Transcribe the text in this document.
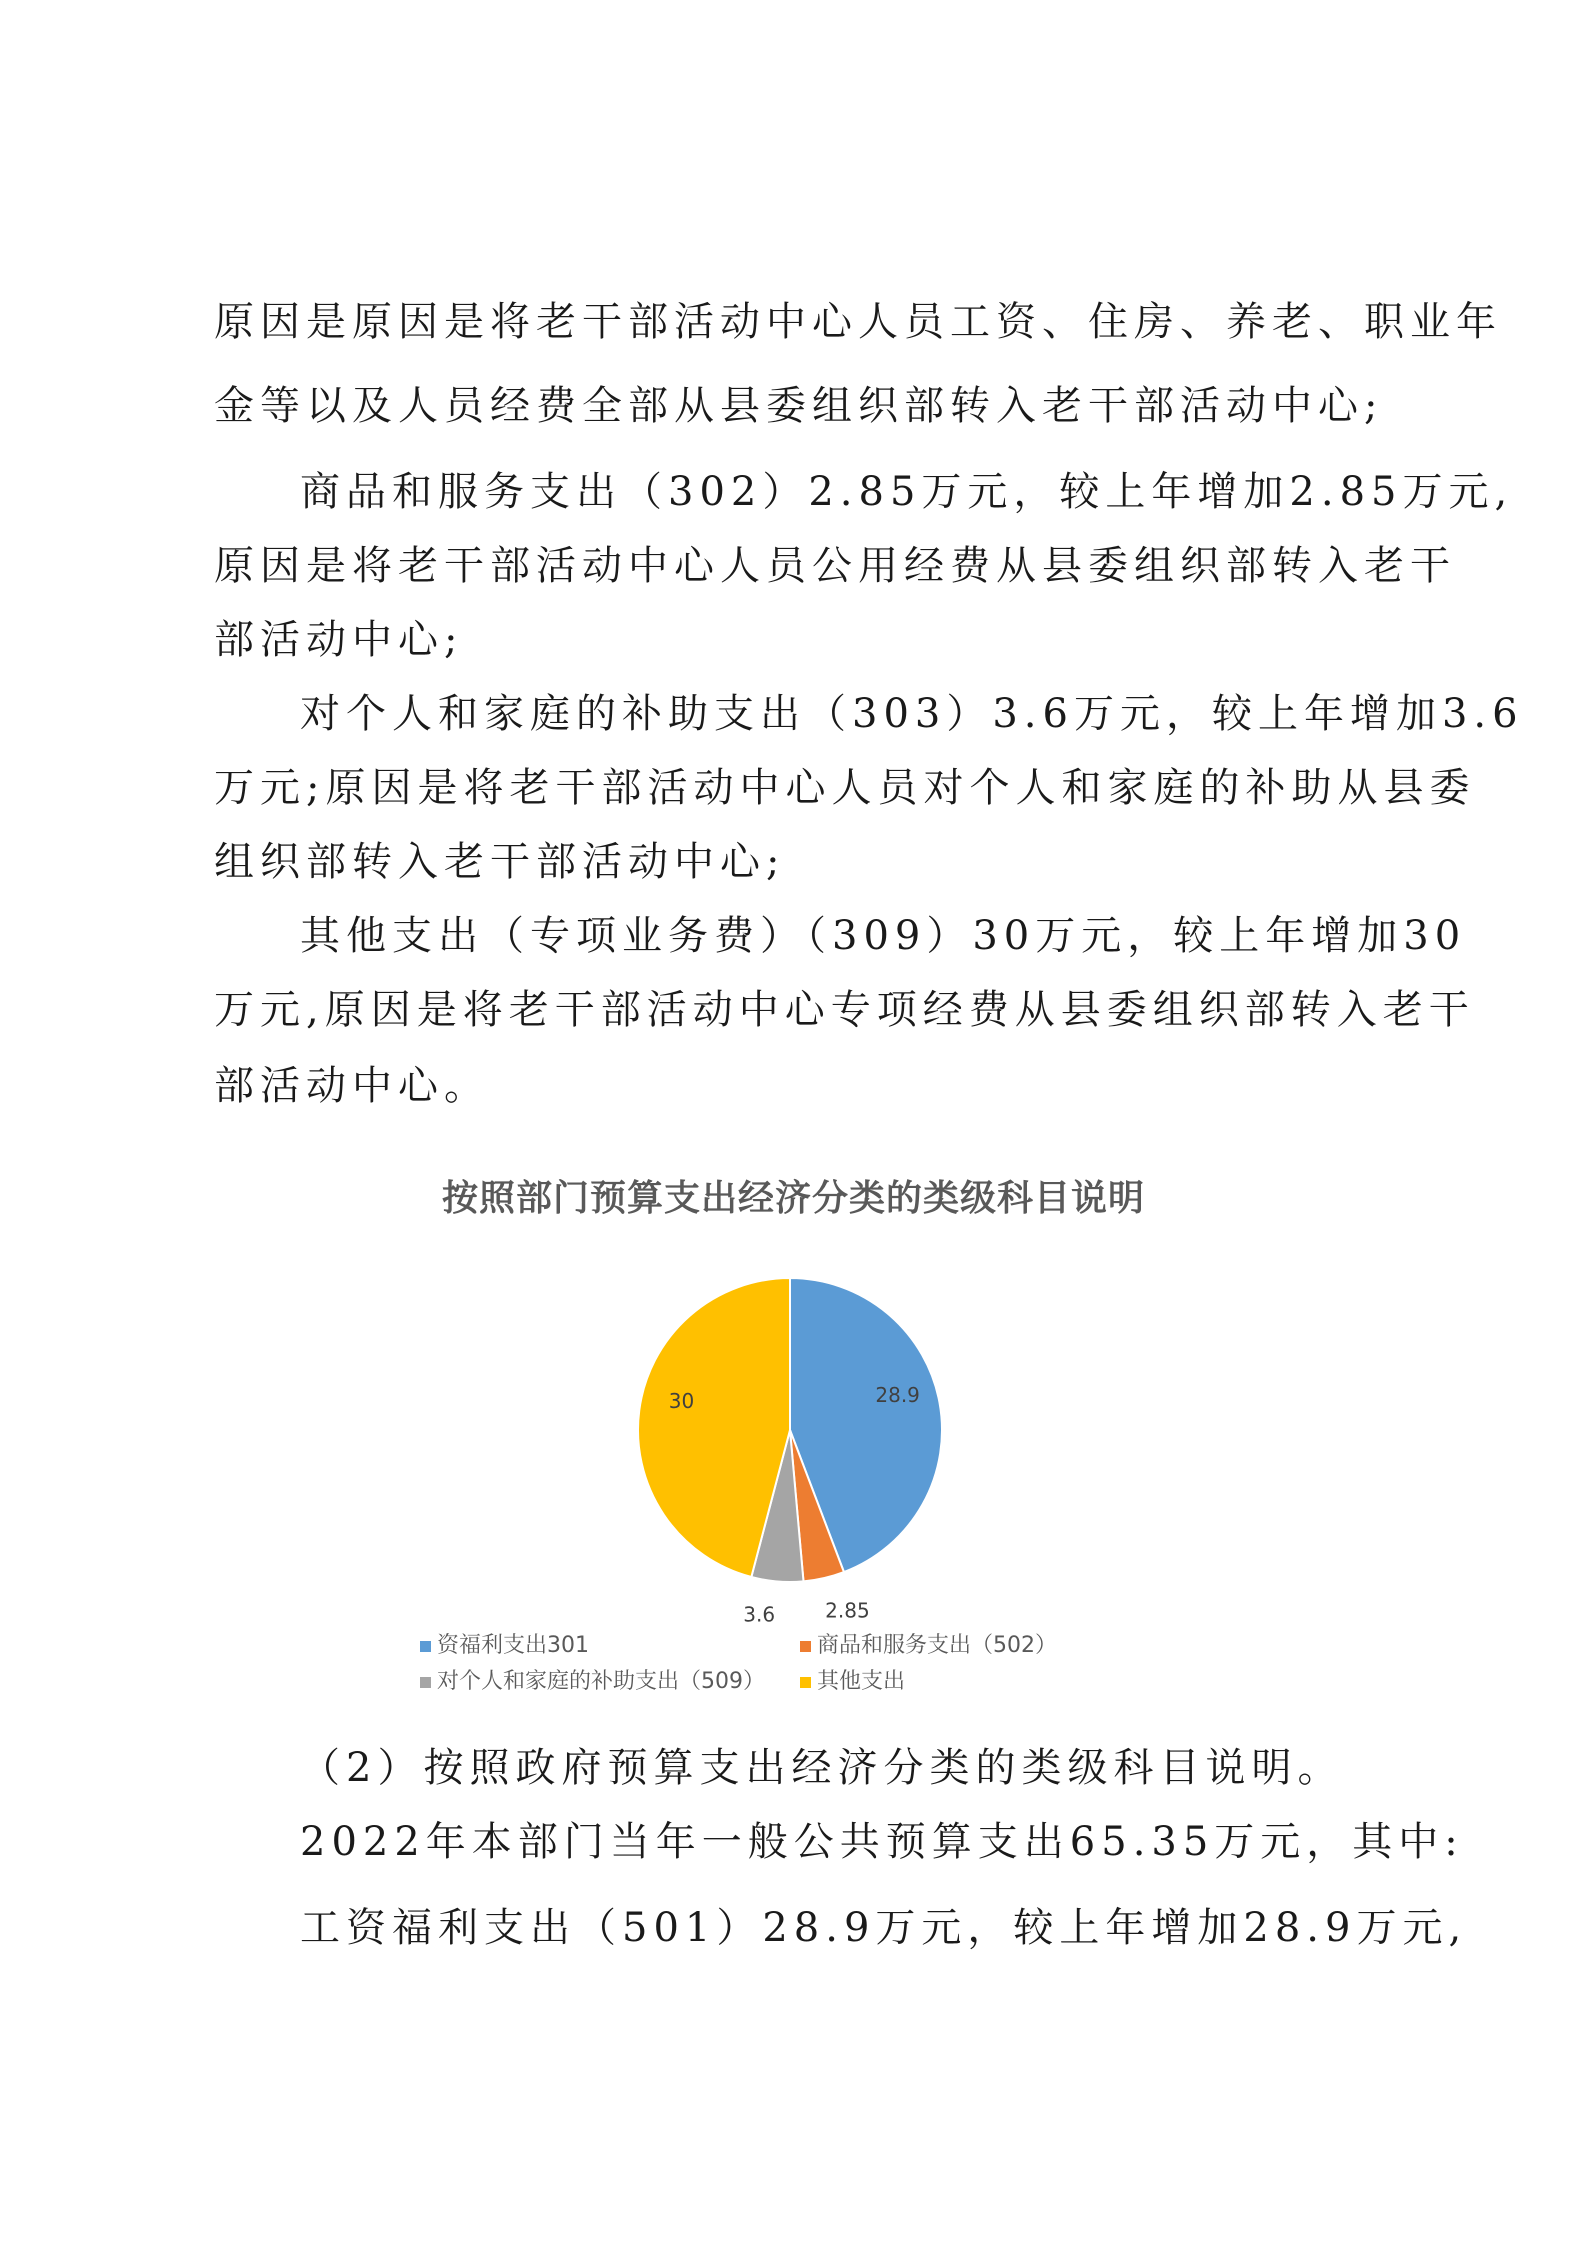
原因是原因是将老干部活动中心人员工资、住房、养老、职业年
金等以及人员经费全部从县委组织部转入老干部活动中心;
商品和服务支出（302）2.85万元，较上年增加2.85万元,
原因是将老干部活动中心人员公用经费从县委组织部转入老干
部活动中心;
对个人和家庭的补助支出（303）3.6万元，较上年增加3.6
万元;原因是将老干部活动中心人员对个人和家庭的补助从县委
组织部转入老干部活动中心;
其他支出（专项业务费）（309）30万元，较上年增加30
万元,原因是将老干部活动中心专项经费从县委组织部转入老干
部活动中心。
按照部门预算支出经济分类的类级科目说明
28.9
2.85
3.6
30
资福利支出301	商品和服务支出（502）
对个人和家庭的补助支出（509）	其他支出
（2）按照政府预算支出经济分类的类级科目说明。
2022年本部门当年一般公共预算支出65.35万元，其中:
工资福利支出（501）28.9万元，较上年增加28.9万元,
